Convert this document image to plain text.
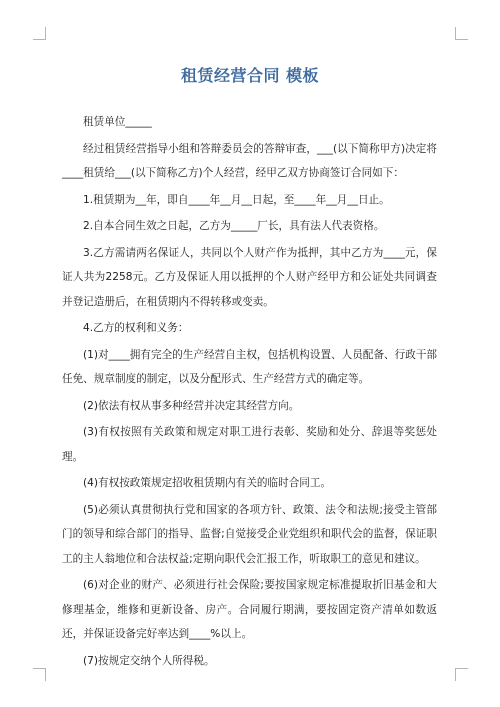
租赁经营合同 模板

租赁单位_____

经过租赁经营指导小组和答辩委员会的答辩审查，___(以下简称甲方)决定将____租赁给___(以下简称乙方)个人经营，经甲乙双方协商签订合同如下：

1.租赁期为__年，即自____年__月__日起，至____年__月__日止。

2.自本合同生效之日起，乙方为_____厂长，具有法人代表资格。

3.乙方需请两名保证人，共同以个人财产作为抵押，其中乙方为____元，保证人共为2258元。乙方及保证人用以抵押的个人财产经甲方和公证处共同调查并登记造册后，在租赁期内不得转移或变卖。

4.乙方的权利和义务：

(1)对____拥有完全的生产经营自主权，包括机构设置、人员配备、行政干部任免、规章制度的制定，以及分配形式、生产经营方式的确定等。

(2)依法有权从事多种经营并决定其经营方向。

(3)有权按照有关政策和规定对职工进行表彰、奖励和处分、辞退等奖惩处理。

(4)有权按政策规定招收租赁期内有关的临时合同工。

(5)必须认真贯彻执行党和国家的各项方针、政策、法令和法规;接受主管部门的领导和综合部门的指导、监督;自觉接受企业党组织和职代会的监督，保证职工的主人翁地位和合法权益;定期向职代会汇报工作，听取职工的意见和建议。

(6)对企业的财产、必须进行社会保险;要按国家规定标准提取折旧基金和大修理基金，维修和更新设备、房产。合同履行期满，要按固定资产清单如数返还，并保证设备完好率达到____%以上。

(7)按规定交纳个人所得税。
